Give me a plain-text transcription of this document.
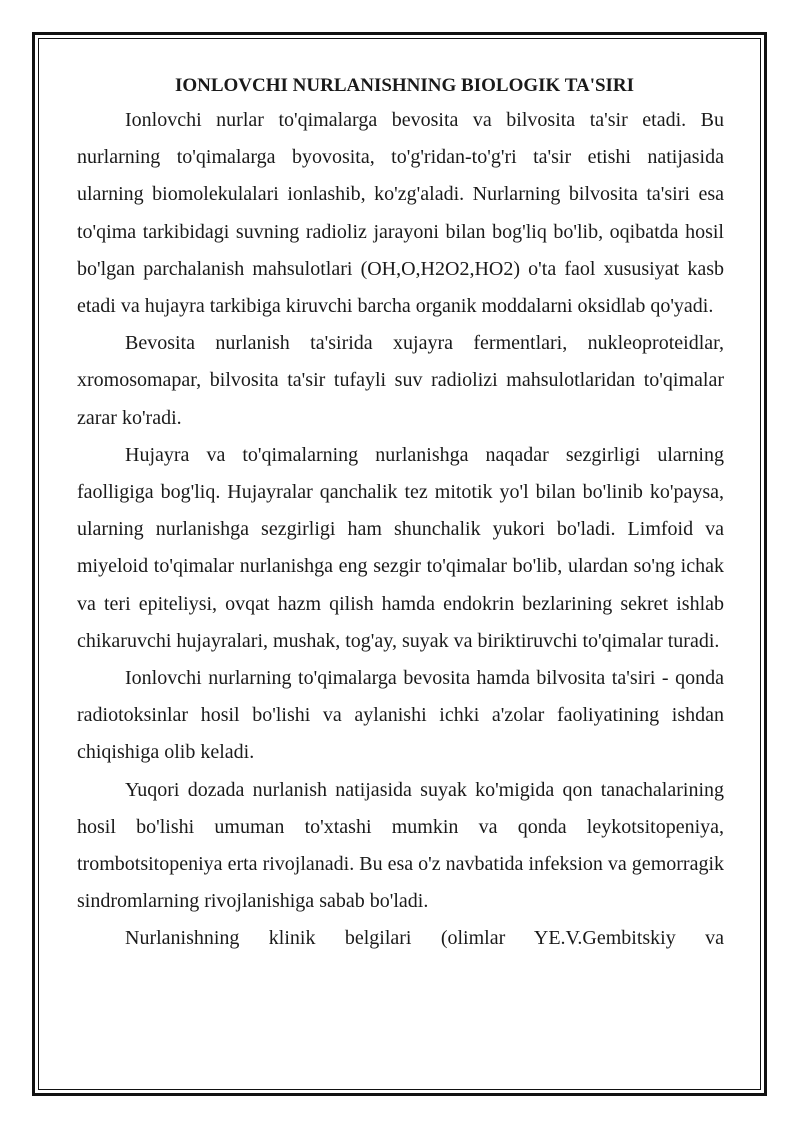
IONLOVCHI NURLANISHNING BIOLOGIK TA'SIRI

Ionlovchi nurlar to'qimalarga bevosita va bilvosita ta'sir etadi. Bu nurlarning to'qimalarga byovosita, to'g'ridan-to'g'ri ta'sir etishi natijasida ularning biomolekulalari ionlashib, ko'zg'aladi. Nurlarning bilvosita ta'siri esa to'qima tarkibidagi suvning radioliz jarayoni bilan bog'liq bo'lib, oqibatda hosil bo'lgan parchalanish mahsulotlari (OH,O,H2O2,HO2) o'ta faol xususiyat kasb etadi va hujayra tarkibiga kiruvchi barcha organik moddalarni oksidlab qo'yadi.

Bevosita nurlanish ta'sirida xujayra fermentlari, nukleoproteidlar, xromosomapar, bilvosita ta'sir tufayli suv radiolizi mahsulotlaridan to'qimalar zarar ko'radi.

Hujayra va to'qimalarning nurlanishga naqadar sezgirligi ularning faolligiga bog'liq. Hujayralar qanchalik tez mitotik yo'l bilan bo'linib ko'paysa, ularning nurlanishga sezgirligi ham shunchalik yukori bo'ladi. Limfoid va miyeloid to'qimalar nurlanishga eng sezgir to'qimalar bo'lib, ulardan so'ng ichak va teri epiteliysi, ovqat hazm qilish hamda endokrin bezlarining sekret ishlab chikaruvchi hujayralari, mushak, tog'ay, suyak va biriktiruvchi to'qimalar turadi.

Ionlovchi nurlarning to'qimalarga bevosita hamda bilvosita ta'siri - qonda radiotoksinlar hosil bo'lishi va aylanishi ichki a'zolar faoliyatining ishdan chiqishiga olib keladi.

Yuqori dozada nurlanish natijasida suyak ko'migida qon tanachalarining hosil bo'lishi umuman to'xtashi mumkin va qonda leykotsitopeniya, trombotsitopeniya erta rivojlanadi. Bu esa o'z navbatida infeksion va gemorragik sindromlarning rivojlanishiga sabab bo'ladi.

Nurlanishning klinik belgilari (olimlar YE.V.Gembitskiy va
